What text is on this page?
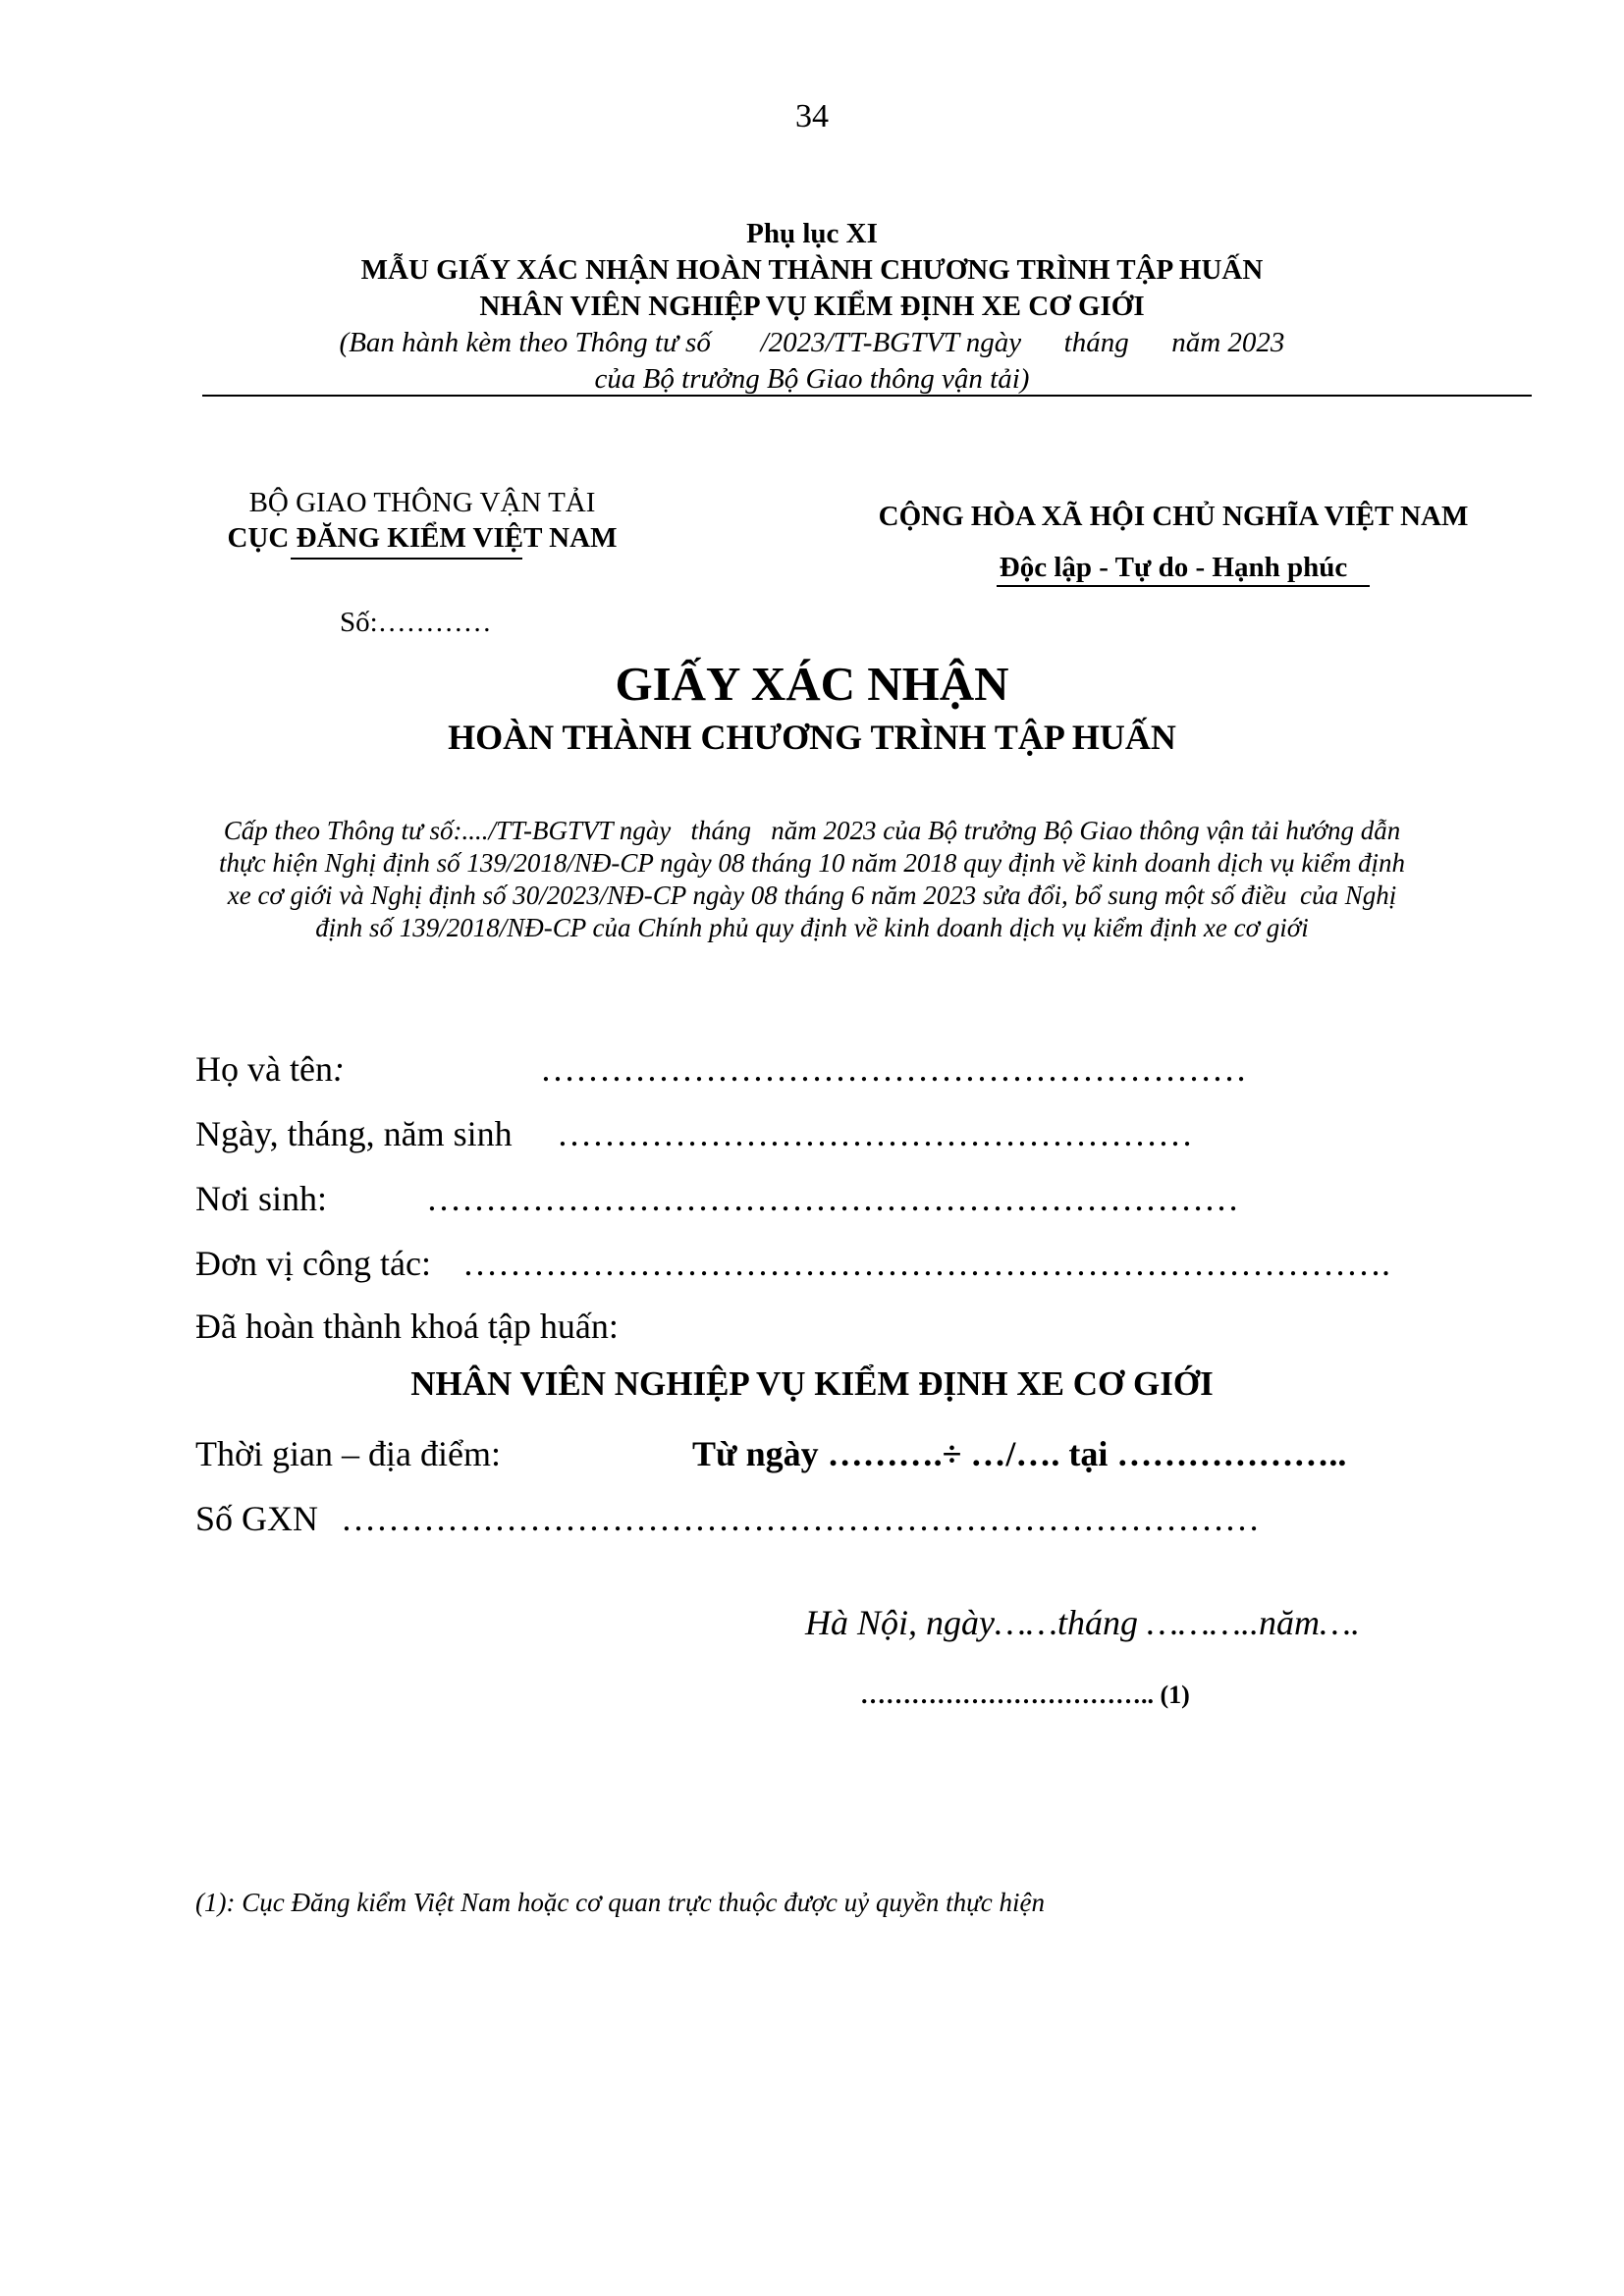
34
Phụ lục XI
MẪU GIẤY XÁC NHẬN HOÀN THÀNH CHƯƠNG TRÌNH TẬP HUẤN
NHÂN VIÊN NGHIỆP VỤ KIỂM ĐỊNH XE CƠ GIỚI
(Ban hành kèm theo Thông tư số       /2023/TT-BGTVT ngày      tháng      năm 2023
của Bộ trưởng Bộ Giao thông vận tải)
BỘ GIAO THÔNG VẬN TẢI
CỤC ĐĂNG KIỂM VIỆT NAM
Số:…………
CỘNG HÒA XÃ HỘI CHỦ NGHĨA VIỆT NAM
Độc lập - Tự do - Hạnh phúc
GIẤY XÁC NHẬN
HOÀN THÀNH CHƯƠNG TRÌNH TẬP HUẤN
Cấp theo Thông tư số:..../TT-BGTVT ngày   tháng   năm 2023 của Bộ trưởng Bộ Giao thông vận tải hướng dẫn
thực hiện Nghị định số 139/2018/NĐ-CP ngày 08 tháng 10 năm 2018 quy định về kinh doanh dịch vụ kiểm định
xe cơ giới và Nghị định số 30/2023/NĐ-CP ngày 08 tháng 6 năm 2023 sửa đổi, bổ sung một số điều  của Nghị
định số 139/2018/NĐ-CP của Chính phủ quy định về kinh doanh dịch vụ kiểm định xe cơ giới
Họ và tên:	……………………………………………………
Ngày, tháng, năm sinh ………………………………………………
Nơi sinh:	……………………………………………………………
Đơn vị công tác: …………………………………………………………………….
Đã hoàn thành khoá tập huấn:
NHÂN VIÊN NGHIỆP VỤ KIỂM ĐỊNH XE CƠ GIỚI
Thời gian – địa điểm:	Từ ngày ……….÷ …/…. tại ………………..
Số GXN ……………………………………………………………………
Hà Nội, ngày……tháng ………..năm….
…………………………….. (1)
(1): Cục Đăng kiểm Việt Nam hoặc cơ quan trực thuộc được uỷ quyền thực hiện
